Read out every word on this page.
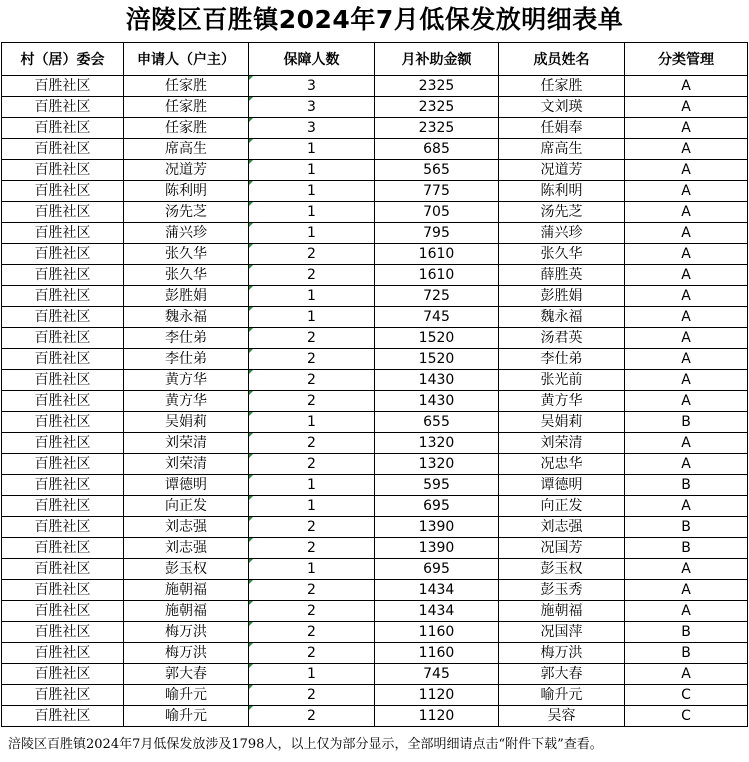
涪陵区百胜镇2024年7月低保发放明细表单
村（居）委会	申请人（户主）	保障人数	月补助金额	成员姓名	分类管理
百胜社区	任家胜	3	2325	任家胜	A
百胜社区	任家胜	3	2325	文刘瑛	A
百胜社区	任家胜	3	2325	任娟奉	A
百胜社区	席高生	1	685	席高生	A
百胜社区	况道芳	1	565	况道芳	A
百胜社区	陈利明	1	775	陈利明	A
百胜社区	汤先芝	1	705	汤先芝	A
百胜社区	蒲兴珍	1	795	蒲兴珍	A
百胜社区	张久华	2	1610	张久华	A
百胜社区	张久华	2	1610	薛胜英	A
百胜社区	彭胜娟	1	725	彭胜娟	A
百胜社区	魏永福	1	745	魏永福	A
百胜社区	李仕弟	2	1520	汤君英	A
百胜社区	李仕弟	2	1520	李仕弟	A
百胜社区	黄方华	2	1430	张光前	A
百胜社区	黄方华	2	1430	黄方华	A
百胜社区	吴娟莉	1	655	吴娟莉	B
百胜社区	刘荣清	2	1320	刘荣清	A
百胜社区	刘荣清	2	1320	况忠华	A
百胜社区	谭德明	1	595	谭德明	B
百胜社区	向正发	1	695	向正发	A
百胜社区	刘志强	2	1390	刘志强	B
百胜社区	刘志强	2	1390	况国芳	B
百胜社区	彭玉权	1	695	彭玉权	A
百胜社区	施朝福	2	1434	彭玉秀	A
百胜社区	施朝福	2	1434	施朝福	A
百胜社区	梅万洪	2	1160	况国萍	B
百胜社区	梅万洪	2	1160	梅万洪	B
百胜社区	郭大春	1	745	郭大春	A
百胜社区	喻升元	2	1120	喻升元	C
百胜社区	喻升元	2	1120	吴容	C
涪陵区百胜镇2024年7月低保发放涉及1798人，以上仅为部分显示，全部明细请点击“附件下载”查看。
